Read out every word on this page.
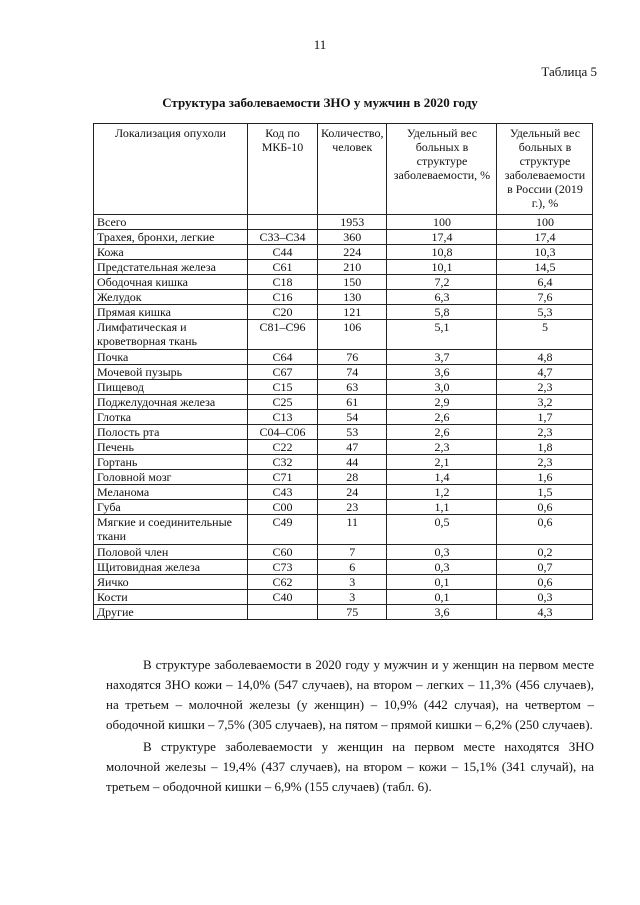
11
Таблица 5
Структура заболеваемости ЗНО у мужчин в 2020 году
Локализация опухоли	Код по МКБ-10	Количество, человек	Удельный вес больных в структуре заболеваемости, %	Удельный вес больных в структуре заболеваемости в России (2019 г.), %
Всего		1953	100	100
Трахея, бронхи, легкие	C33–C34	360	17,4	17,4
Кожа	C44	224	10,8	10,3
Предстательная железа	C61	210	10,1	14,5
Ободочная кишка	C18	150	7,2	6,4
Желудок	C16	130	6,3	7,6
Прямая кишка	C20	121	5,8	5,3
Лимфатическая и кроветворная ткань	C81–C96	106	5,1	5
Почка	C64	76	3,7	4,8
Мочевой пузырь	C67	74	3,6	4,7
Пищевод	C15	63	3,0	2,3
Поджелудочная железа	C25	61	2,9	3,2
Глотка	C13	54	2,6	1,7
Полость рта	C04–C06	53	2,6	2,3
Печень	C22	47	2,3	1,8
Гортань	C32	44	2,1	2,3
Головной мозг	C71	28	1,4	1,6
Меланома	C43	24	1,2	1,5
Губа	C00	23	1,1	0,6
Мягкие и соединительные ткани	C49	11	0,5	0,6
Половой член	C60	7	0,3	0,2
Щитовидная железа	C73	6	0,3	0,7
Яичко	C62	3	0,1	0,6
Кости	C40	3	0,1	0,3
Другие		75	3,6	4,3

В структуре заболеваемости в 2020 году у мужчин и у женщин на первом месте находятся ЗНО кожи – 14,0% (547 случаев), на втором – легких – 11,3% (456 случаев), на третьем – молочной железы (у женщин) – 10,9% (442 случая), на четвертом – ободочной кишки – 7,5% (305 случаев), на пятом – прямой кишки – 6,2% (250 случаев).

В структуре заболеваемости у женщин на первом месте находятся ЗНО молочной железы – 19,4% (437 случаев), на втором – кожи – 15,1% (341 случай), на третьем – ободочной кишки – 6,9% (155 случаев) (табл. 6).
